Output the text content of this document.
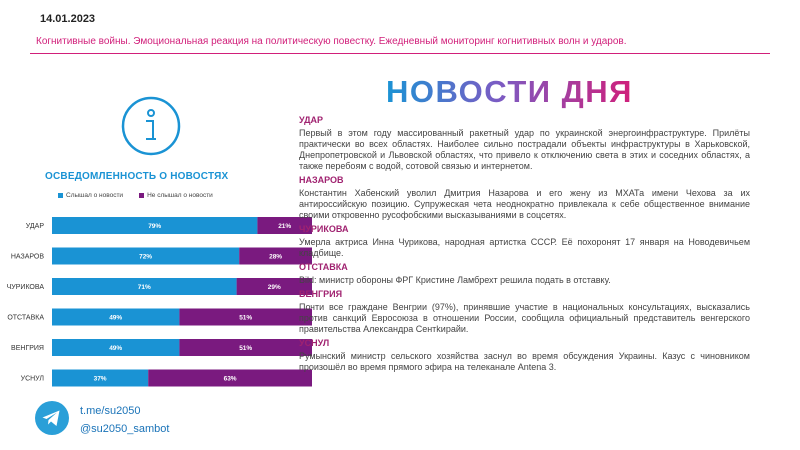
14.01.2023
Когнитивные войны. Эмоциональная реакция на политическую повестку. Ежедневный мониторинг когнитивных волн и ударов.
ОСВЕДОМЛЕННОСТЬ О НОВОСТЯХ
Слышал о новости	Не слышал о новости
УДАР	79%	21%
НАЗАРОВ	72%	28%
ЧУРИКОВА	71%	29%
ОТСТАВКА	49%	51%
ВЕНГРИЯ	49%	51%
УСНУЛ	37%	63%
t.me/su2050
@su2050_sambot
НОВОСТИ ДНЯ
УДАР
Первый в этом году массированный ракетный удар по украинской энергоинфраструктуре. Прилёты практически во всех областях. Наиболее сильно пострадали объекты инфраструктуры в Харьковской, Днепропетровской и Львовской областях, что привело к отключению света в этих и соседних областях, а также перебоям с водой, сотовой связью и интернетом.
НАЗАРОВ
Константин Хабенский уволил Дмитрия Назарова и его жену из МХАТа имени Чехова за их антироссийскую позицию. Супружеская чета неоднократно привлекала к себе общественное внимание своими откровенно русофобскими высказываниями в соцсетях.
ЧУРИКОВА
Умерла актриса Инна Чурикова, народная артистка СССР. Её похоронят 17 января на Новодевичьем кладбище.
ОТСТАВКА
Bild: министр обороны ФРГ Кристине Ламбрехт решила подать в отставку.
ВЕНГРИЯ
Почти все граждане Венгрии (97%), принявшие участие в национальных консультациях, высказались против санкций Евросоюза в отношении России, сообщила официальный представитель венгерского правительства Александра Сентkирайи.
УСНУЛ
Румынский министр сельского хозяйства заснул во время обсуждения Украины. Казус с чиновником произошёл во время прямого эфира на телеканале Antena 3.
